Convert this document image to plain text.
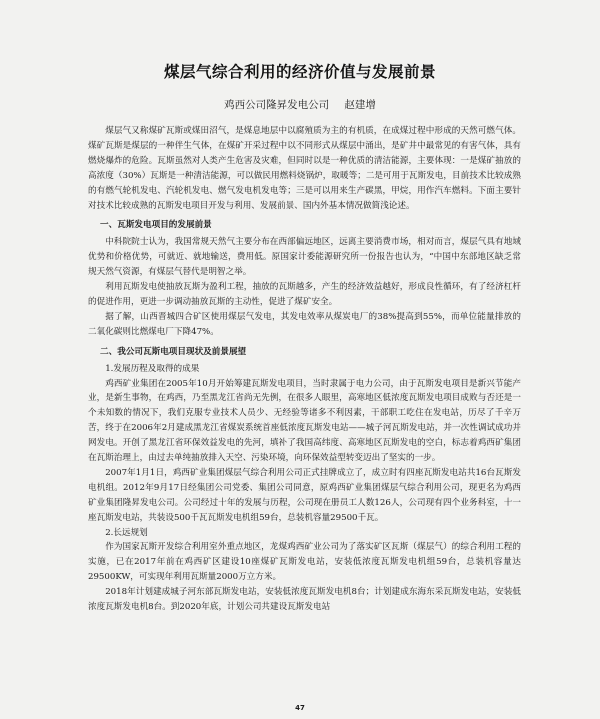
煤层气综合利用的经济价值与发展前景
鸡西公司隆昇发电公司 赵建增

煤层气又称煤矿瓦斯或煤田沼气，是煤息地层中以腐殖质为主的有机质，在成煤过程中形成的天然可燃气体。煤矿瓦斯是煤层的一种伴生气体，在煤矿开采过程中以不同形式从煤层中涌出，是矿井中最常见的有害气体，具有燃烧爆炸的危险。瓦斯虽然对人类产生危害及灾难，但同时以是一种优质的清洁能源，主要体现：一是煤矿抽放的高浓度（30%）瓦斯是一种清洁能源，可以做民用燃料烧锅炉，取暖等；二是可用于瓦斯发电，目前技术比较成熟的有燃气轮机发电、汽轮机发电、燃气发电机发电等；三是可以用来生产碳黑，甲烷，用作汽车燃料。下面主要针对技术比较成熟的瓦斯发电项目开发与利用、发展前景、国内外基本情况做简浅论述。

一、瓦斯发电项目的发展前景

中科院院士认为，我国常规天然气主要分布在西部偏远地区，远离主要消费市场，相对而言，煤层气具有地域优势和价格优势，可就近、就地输送，费用低。原国家计委能源研究所一份报告也认为，“中国中东部地区缺乏常规天然气资源，有煤层气替代是明智之举。

利用瓦斯发电使抽放瓦斯为盈利工程，抽放的瓦斯越多，产生的经济效益越好，形成良性循环，有了经济杠杆的促进作用，更进一步调动抽放瓦斯的主动性，促进了煤矿安全。

据了解，山西晋城四合矿区使用煤层气发电，其发电效率从煤炭电厂的38%提高到55%，而单位能量排放的二氧化碳则比燃煤电厂下降47%。

二、我公司瓦斯电项目现状及前景展望

1.发展历程及取得的成果

鸡西矿业集团在2005年10月开始筹建瓦斯发电项目，当时隶属于电力公司，由于瓦斯发电项目是新兴节能产业，是新生事物，在鸡西，乃至黑龙江省尚无先例，在很多人眼里，高寒地区低浓度瓦斯发电项目成败与否还是一个未知数的情况下，我们克服专业技术人员少、无经验等诸多不利因素，干部职工吃住在发电站，历尽了千辛万苦，终于在2006年2月建成黑龙江省煤炭系统首座低浓度瓦斯发电站——城子河瓦斯发电站，并一次性调试成功并网发电。开创了黑龙江省环保效益发电的先河，填补了我国高纬度、高寒地区瓦斯发电的空白，标志着鸡西矿集团在瓦斯治理上，由过去单纯抽放排入天空、污染环境，向环保效益型转变迈出了坚实的一步。

2007年1月1日，鸡西矿业集团煤层气综合利用公司正式挂牌成立了，成立时有四座瓦斯发电站共16台瓦斯发电机组。2012年9月17日经集团公司党委、集团公司同意，原鸡西矿业集团煤层气综合利用公司，现更名为鸡西矿业集团隆昇发电公司。公司经过十年的发展与历程，公司现在册员工人数126人，公司现有四个业务科室，十一座瓦斯发电站，共装设500千瓦瓦斯发电机组59台，总装机容量29500千瓦。

2.长远规划

作为国家瓦斯开发综合利用室外重点地区，龙煤鸡西矿业公司为了落实矿区瓦斯（煤层气）的综合利用工程的实施，已在2017年前在鸡西矿区建设10座煤矿瓦斯发电站，安装低浓度瓦斯发电机组59台，总装机容量达29500KW，可实现年利用瓦斯量2000万立方米。

2018年计划建成城子河东部瓦斯发电站，安装低浓度瓦斯发电机8台；计划建成东海东采瓦斯发电站，安装低浓度瓦斯发电机8台。到2020年底，计划公司共建设瓦斯发电站

47
